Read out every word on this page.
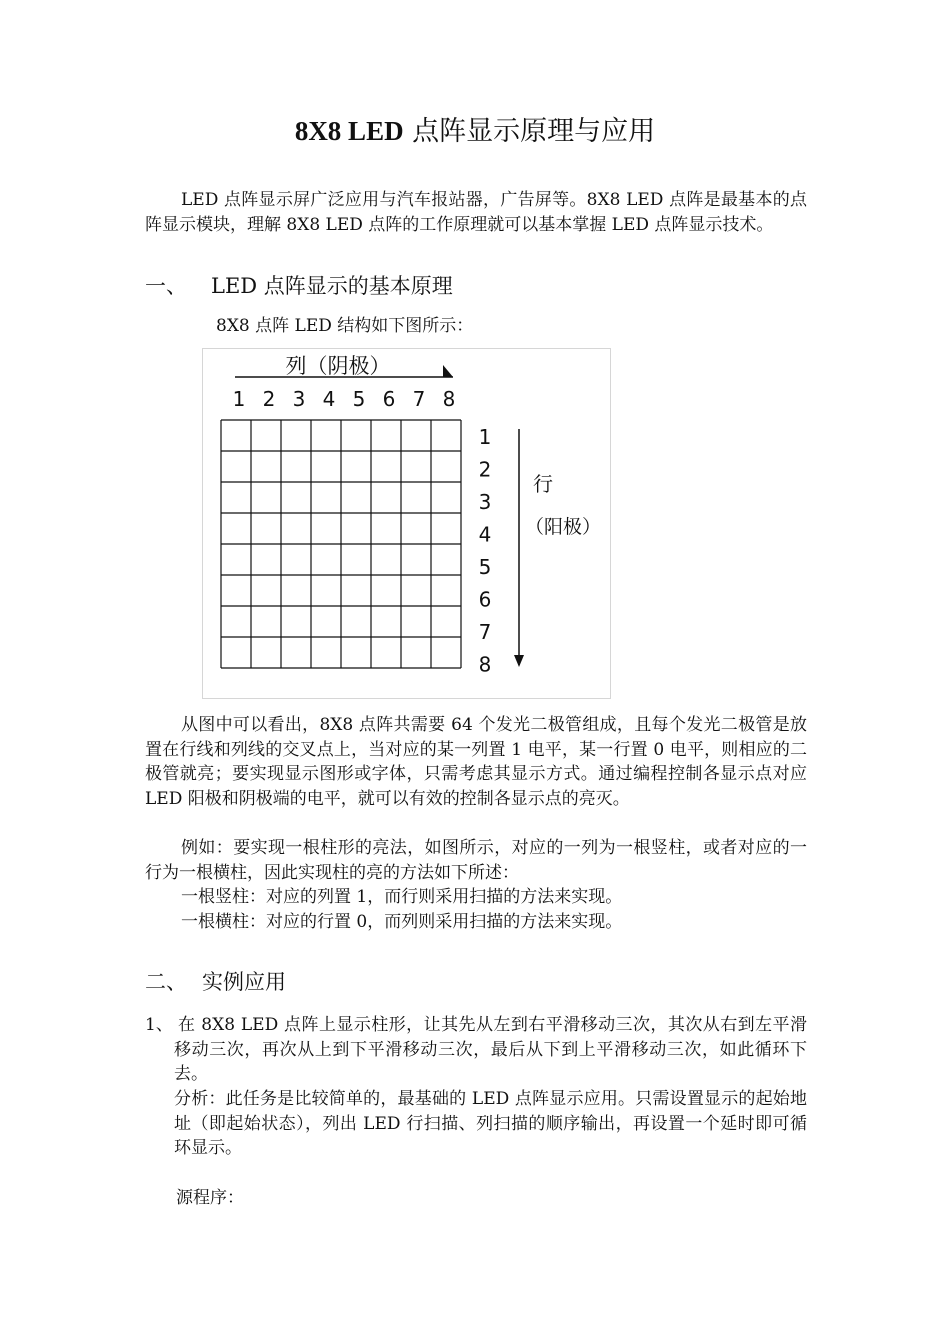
8X8 LED 点阵显示原理与应用

LED 点阵显示屏广泛应用与汽车报站器，广告屏等。8X8 LED 点阵是最基本的点阵显示模块，理解 8X8 LED 点阵的工作原理就可以基本掌握 LED 点阵显示技术。

一、 LED 点阵显示的基本原理
8X8 点阵 LED 结构如下图所示：
列（阴极）
1 2 3 4 5 6 7 8
1
2
3
4
5
6
7
8
行
（阳极）

从图中可以看出，8X8 点阵共需要 64 个发光二极管组成，且每个发光二极管是放置在行线和列线的交叉点上，当对应的某一列置 1 电平，某一行置 0 电平，则相应的二极管就亮；要实现显示图形或字体，只需考虑其显示方式。通过编程控制各显示点对应 LED 阳极和阴极端的电平，就可以有效的控制各显示点的亮灭。

例如：要实现一根柱形的亮法，如图所示，对应的一列为一根竖柱，或者对应的一行为一根横柱，因此实现柱的亮的方法如下所述：

一根竖柱：对应的列置 1，而行则采用扫描的方法来实现。
一根横柱：对应的行置 0，而列则采用扫描的方法来实现。
二、 实例应用
1、 在 8X8 LED 点阵上显示柱形，让其先从左到右平滑移动三次，其次从右到左平滑移动三次，再次从上到下平滑移动三次，最后从下到上平滑移动三次，如此循环下去。

分析：此任务是比较简单的，最基础的 LED 点阵显示应用。只需设置显示的起始地址（即起始状态），列出 LED 行扫描、列扫描的顺序输出，再设置一个延时即可循环显示。

源程序：
